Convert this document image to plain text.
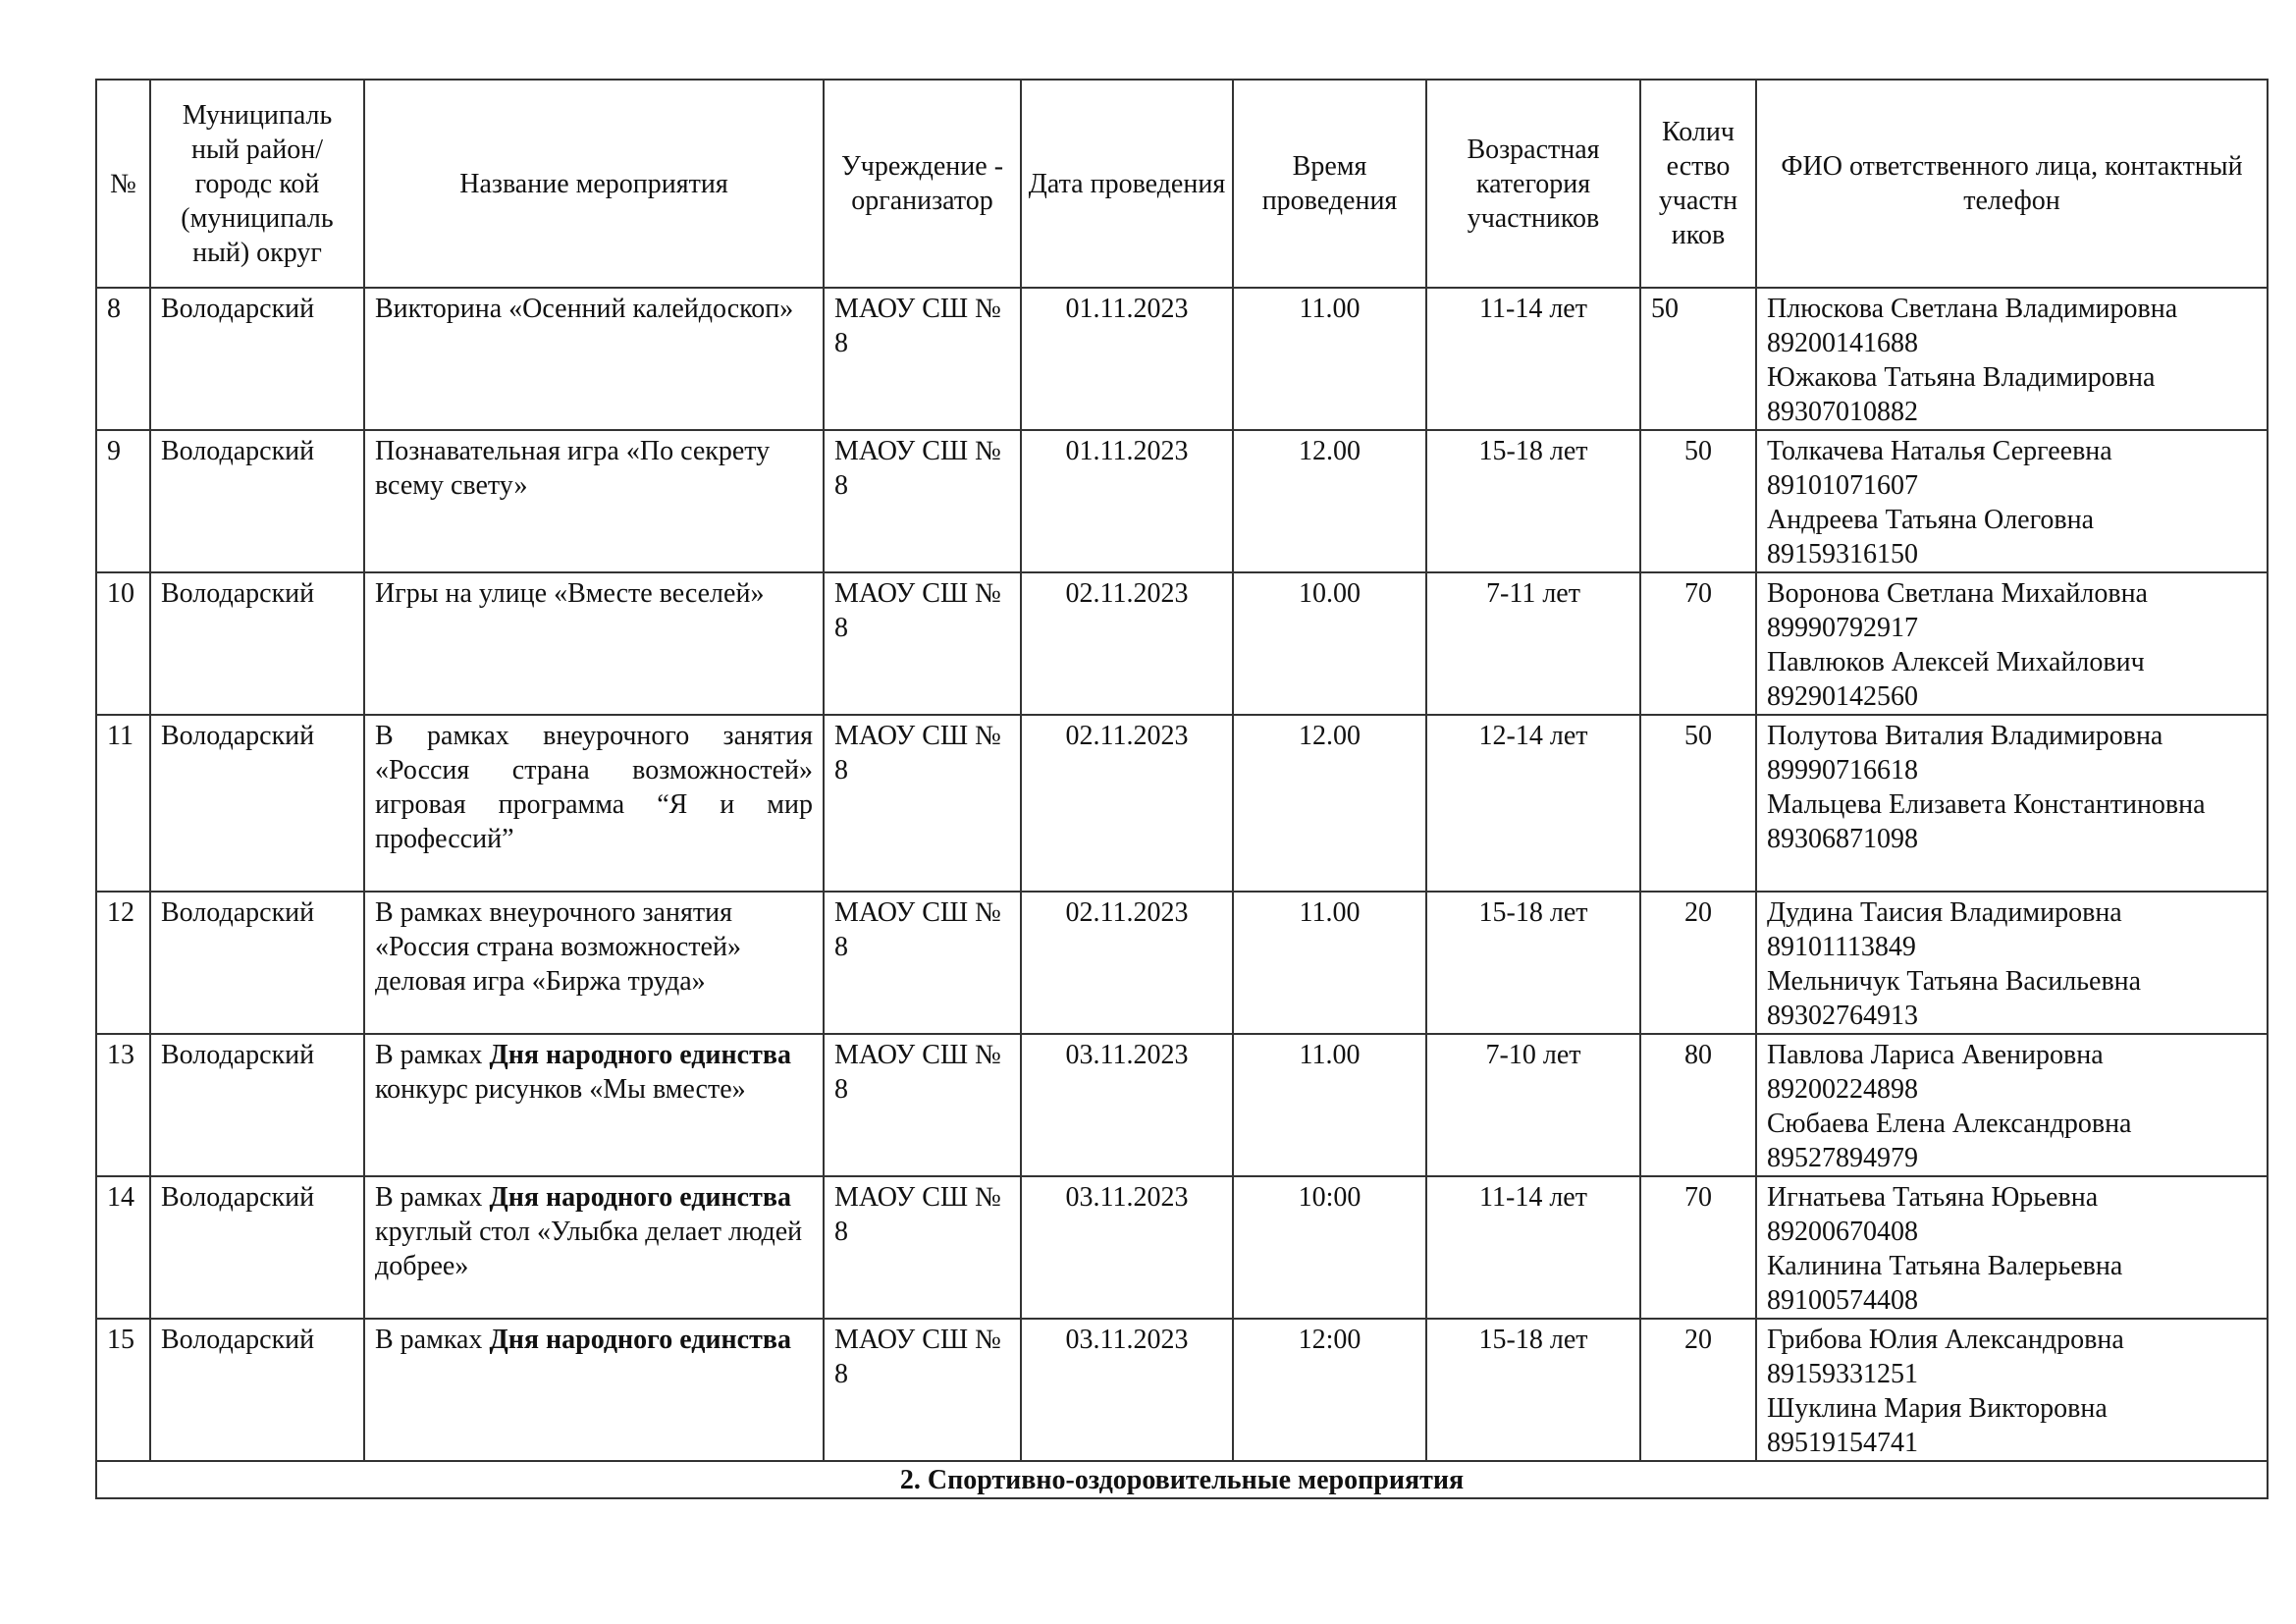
№	Муниципаль ный район/городс кой (муниципаль ный) округ	Название мероприятия	Учреждение - организатор	Дата проведения	Время проведения	Возрастная категория участников	Колич ество участн иков	ФИО ответственного лица, контактный телефон
8	Володарский	Викторина «Осенний калейдоскоп»	МАОУ СШ № 8	01.11.2023	11.00	11-14 лет	50	Плюскова Светлана Владимировна
89200141688
Южакова Татьяна Владимировна
89307010882

9	Володарский	Познавательная игра «По секрету всему свету»	МАОУ СШ № 8	01.11.2023	12.00	15-18 лет	50	Толкачева Наталья Сергеевна
89101071607
Андреева Татьяна Олеговна
89159316150

10	Володарский	Игры на улице «Вместе веселей»	МАОУ СШ № 8	02.11.2023	10.00	7-11 лет	70	Воронова Светлана Михайловна
89990792917
Павлюков Алексей Михайлович
89290142560

11	Володарский	В рамках внеурочного занятия «Россия страна возможностей» игровая программа “Я и мир профессий”	МАОУ СШ № 8	02.11.2023	12.00	12-14 лет	50	Полутова Виталия Владимировна
89990716618
Мальцева Елизавета Константиновна
89306871098

12	Володарский	В рамках внеурочного занятия «Россия страна возможностей» деловая игра «Биржа труда»	МАОУ СШ № 8	02.11.2023	11.00	15-18 лет	20	Дудина Таисия Владимировна
89101113849
Мельничук Татьяна Васильевна
89302764913

13	Володарский	В рамках Дня народного единства конкурс рисунков «Мы вместе»	МАОУ СШ № 8	03.11.2023	11.00	7-10 лет	80	Павлова Лариса Авенировна
89200224898
Сюбаева Елена Александровна
89527894979

14	Володарский	В рамках Дня народного единства круглый стол «Улыбка делает людей добрее»	МАОУ СШ № 8	03.11.2023	10:00	11-14 лет	70	Игнатьева Татьяна Юрьевна
89200670408
Калинина Татьяна Валерьевна
89100574408

15	Володарский	В рамках Дня народного единства	МАОУ СШ № 8	03.11.2023	12:00	15-18 лет	20	Грибова Юлия Александровна
89159331251
Шуклина Мария Викторовна
89519154741

2. Спортивно-оздоровительные мероприятия								
